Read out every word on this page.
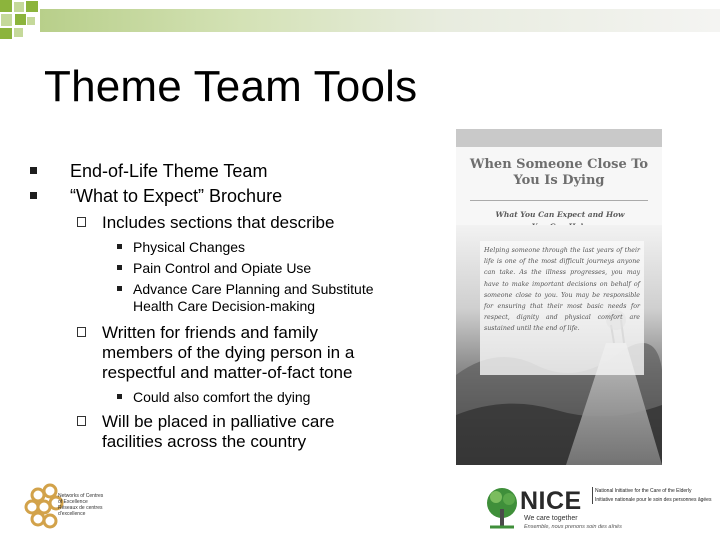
Theme Team Tools
End-of-Life Theme Team
“What to Expect” Brochure
Includes sections that describe
Physical Changes
Pain Control and Opiate Use
Advance Care Planning and Substitute Health Care Decision-making
Written for friends and family members of the dying person in a respectful and matter-of-fact tone
Could also comfort the dying
Will be placed in palliative care facilities across the country
When Someone Close To
You Is Dying
What You Can Expect and How
Helping someone through the last years of their life is one of the most difficult journeys anyone can take. As the illness progresses, you may have to make important decisions on behalf of someone close to you. You may be responsible for ensuring that their most basic needs for respect, dignity and physical comfort are sustained until the end of life.
Networks of Centres
of Excellence
Réseaux de centres
d'excellence	NICE
We care together
Ensemble, nous prenons soin des aînés
National Initiative for the Care of the Elderly
Initiative nationale pour le soin des personnes âgées
